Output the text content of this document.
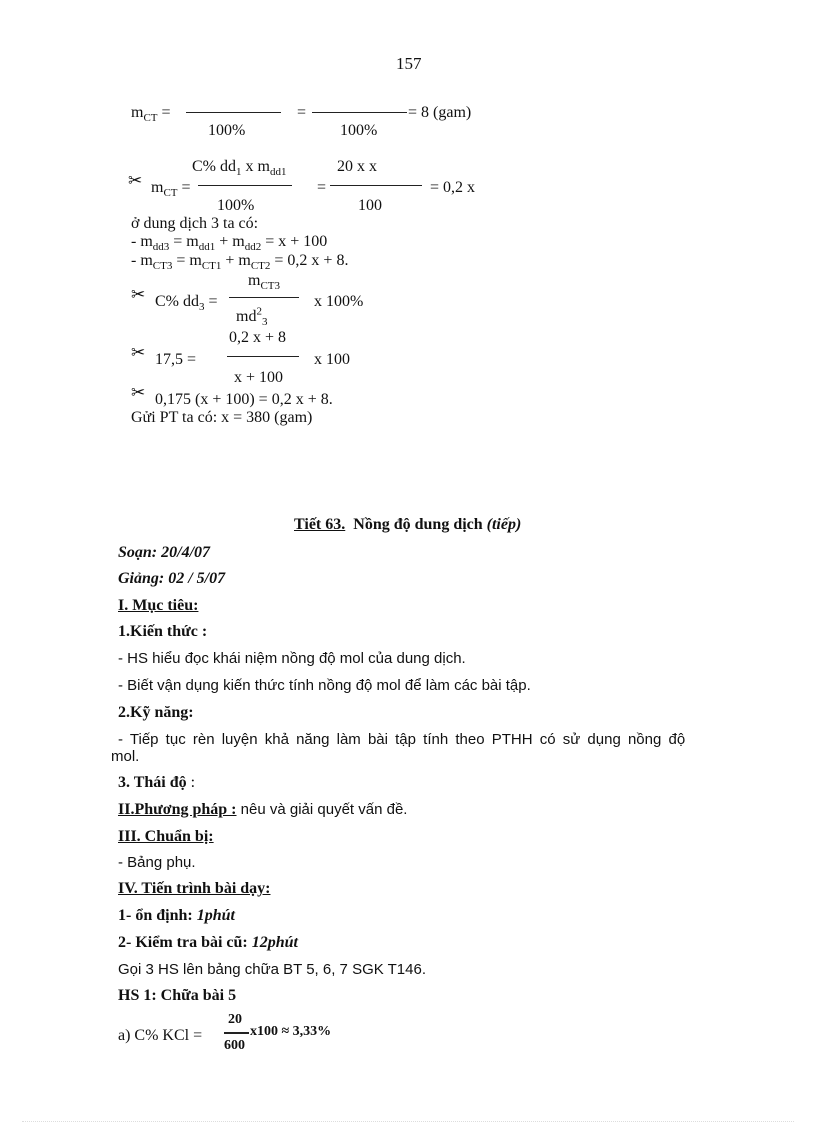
157
$m_{CT}$ =
100%
=
100%
= 8 (gam)
C% $dd_1$ x $m_{dd1}$	20 x x
✂ $m_{CT}$ =	=	= 0,2 x
100%	100
ở dung dịch 3 ta có:
- $m_{dd3} = m_{dd1} + m_{dd2} = x + 100$
- $m_{CT3} = m_{CT1} + m_{CT2} = 0,2$ x + 8.
$m_{CT3}$
✂ C% $dd_3$ =	x 100%
$md^2_3$
0,2 x + 8
✂ 17,5 =	x 100
x + 100
✂ 0,175 (x + 100) = 0,2 x + 8.
Gửi PT ta có: x = 380 (gam)
Tiết 63. Nồng độ dung dịch (tiếp)
Soạn: 20/4/07
Giảng: 02 / 5/07
I. Mục tiêu:
1.Kiến thức :
- HS hiểu đọc khái niệm nồng độ mol của dung dịch.
- Biết vận dụng kiến thức tính nồng độ mol để làm các bài tập.
2.Kỹ năng:
- Tiếp tục rèn luyện khả năng làm bài tập tính theo PTHH có sử dụng nồng độ
mol.
3. Thái độ :
II.Phương pháp : nêu và giải quyết vấn đề.
III. Chuẩn bị:
- Bảng phụ.
IV. Tiến trình bài dạy:
1- ổn định: 1phút
2- Kiểm tra bài cũ: 12phút
Gọi 3 HS lên bảng chữa BT 5, 6, 7 SGK T146.
HS 1: Chữa bài 5
a) C% KCl =
20
600
x100 ≈ 3,33%
